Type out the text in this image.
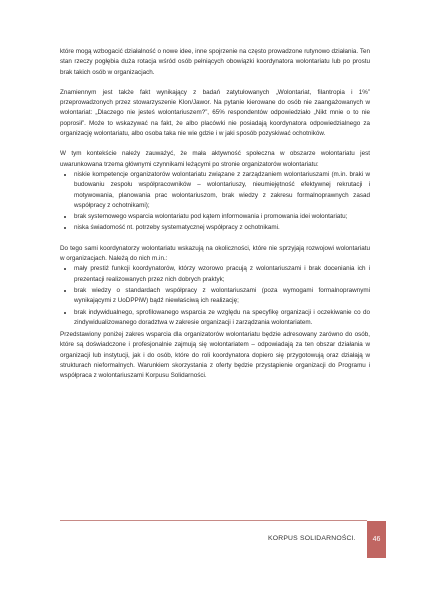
które mogą wzbogacić działalność o nowe idee, inne spojrzenie na często prowadzone rutynowo działania. Ten stan rzeczy pogłębia duża rotacja wśród osób pełniących obowiązki koordynatora wolontariatu lub po prostu brak takich osób w organizacjach.

Znamiennym jest także fakt wynikający z badań zatytułowanych „Wolontariat, filantropia i 1%” przeprowadzonych przez stowarzyszenie Klon/Jawor. Na pytanie kierowane do osób nie zaangażowanych w wolontariat: „Dlaczego nie jesteś wolontariuszem?”, 65% respondentów odpowiedziało „Nikt mnie o to nie poprosił”. Może to wskazywać na fakt, że albo placówki nie posiadają koordynatora odpowiedzialnego za organizację wolontariatu, albo osoba taka nie wie gdzie i w jaki sposób pozyskiwać ochotników.

W tym kontekście należy zauważyć, że mała aktywność społeczna w obszarze wolontariatu jest uwarunkowana trzema głównymi czynnikami leżącymi po stronie organizatorów wolontariatu:

• niskie kompetencje organizatorów wolontariatu związane z zarządzaniem wolontariuszami (m.in. braki w budowaniu zespołu współpracowników – wolontariuszy, nieumiejętność efektywnej rekrutacji i motywowania, planowania prac wolontariuszom, brak wiedzy z zakresu formalnoprawnych zasad współpracy z ochotnikami);
• brak systemowego wsparcia wolontariatu pod kątem informowania i promowania idei wolontariatu;
• niska świadomość nt. potrzeby systematycznej współpracy z ochotnikami.

Do tego sami koordynatorzy wolontariatu wskazują na okoliczności, które nie sprzyjają rozwojowi wolontariatu w organizacjach. Należą do nich m.in.:

• mały prestiż funkcji koordynatorów, którzy wzorowo pracują z wolontariuszami i brak doceniania ich i prezentacji realizowanych przez nich dobrych praktyk;
• brak wiedzy o standardach współpracy z wolontariuszami (poza wymogami formalnoprawnymi wynikającymi z UoDPPiW) bądź niewłaściwą ich realizację;
• brak indywidualnego, sprofilowanego wsparcia ze względu na specyfikę organizacji i oczekiwanie co do zindywidualizowanego doradztwa w zakresie organizacji i zarządzania wolontariatem.

Przedstawiony poniżej zakres wsparcia dla organizatorów wolontariatu będzie adresowany zarówno do osób, które są doświadczone i profesjonalnie zajmują się wolontariatem – odpowiadają za ten obszar działania w organizacji lub instytucji, jak i do osób, które do roli koordynatora dopiero się przygotowują oraz działają w strukturach nieformalnych. Warunkiem skorzystania z oferty będzie przystąpienie organizacji do Programu i współpraca z wolontariuszami Korpusu Solidarności.

KORPUS SOLIDARNOŚCI. 46
